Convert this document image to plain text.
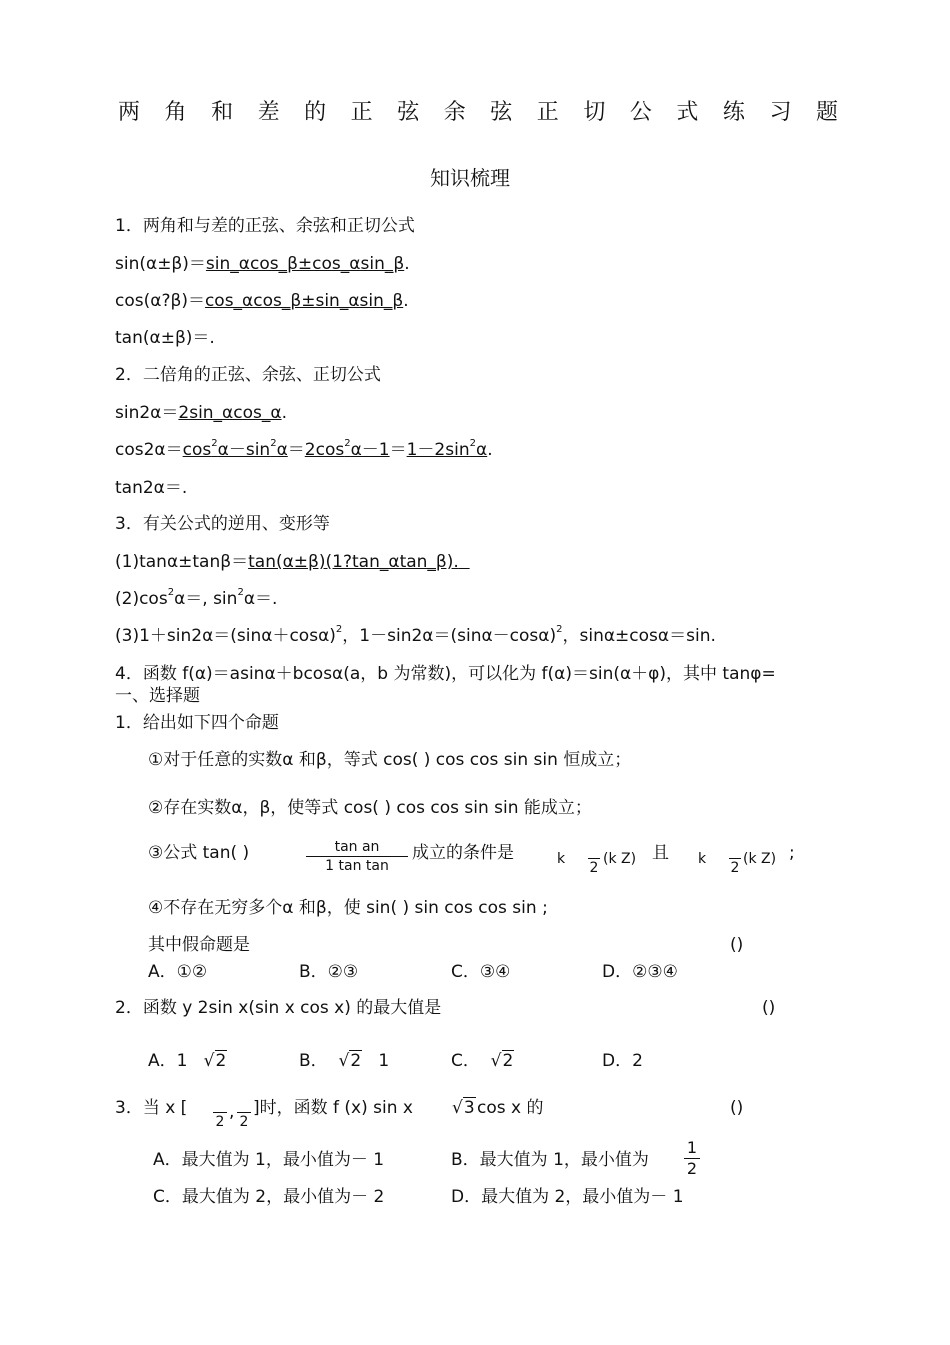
两 角 和 差 的 正 弦 余 弦 正 切 公 式 练 习 题
知识梳理
1．两角和与差的正弦、余弦和正切公式
sin(α±β)＝sin_αcos_β±cos_αsin_β.
cos(α?β)＝cos_αcos_β±sin_αsin_β.
tan(α±β)＝.
2．二倍角的正弦、余弦、正切公式
sin2α＝2sin_αcos_α.
$\cos 2\alpha=\cos^2\alpha-\sin^2\alpha=2\cos^2\alpha-1=1-2\sin^2\alpha$.
tan2α＝.
3．有关公式的逆用、变形等
(1)tanα±tanβ＝tan(α±β)(1?tan_αtan_β).
$(2)\cos^2\alpha=$, $\sin^2\alpha=$.
$(3)1+\sin 2\alpha=(\sin\alpha+\cos\alpha)^2$，$1-\sin 2\alpha=(\sin\alpha-\cos\alpha)^2$，sinα±cosα＝sin.
4．函数 f(α)＝asinα＋bcosα(a，b 为常数)，可以化为 f(α)＝sin(α＋φ)，其中 tanφ=
一、选择题
1．给出如下四个命题
①对于任意的实数α 和β，等式 cos( ) cos cos sin sin 恒成立；
②存在实数α，β，使等式 cos( ) cos cos sin sin 能成立；
③公式 tan( )	$\frac{\text{tan an}}{\text{1 tan tan}}$ 成立的条件是	k

2
(k Z) 且 k

2
(k Z) ;
④不存在无穷多个α 和β，使 sin( ) sin cos cos sin ;
其中假命题是	()
A．①②	B．②③	C．③④	D．②③④
2．函数 y 2sin x(sin x cos x) 的最大值是	()
A．1   √2	B．  √2 1	C．  √2	D．2
3．当 x [

2 ,
2
]时，函数 f (x) sin x √3 cos x 的	()
A．最大值为 1，最小值为－ 1	B．最大值为 1，最小值为 $\frac{1}{2}$
C．最大值为 2，最小值为－ 2	D．最大值为 2，最小值为－ 1
